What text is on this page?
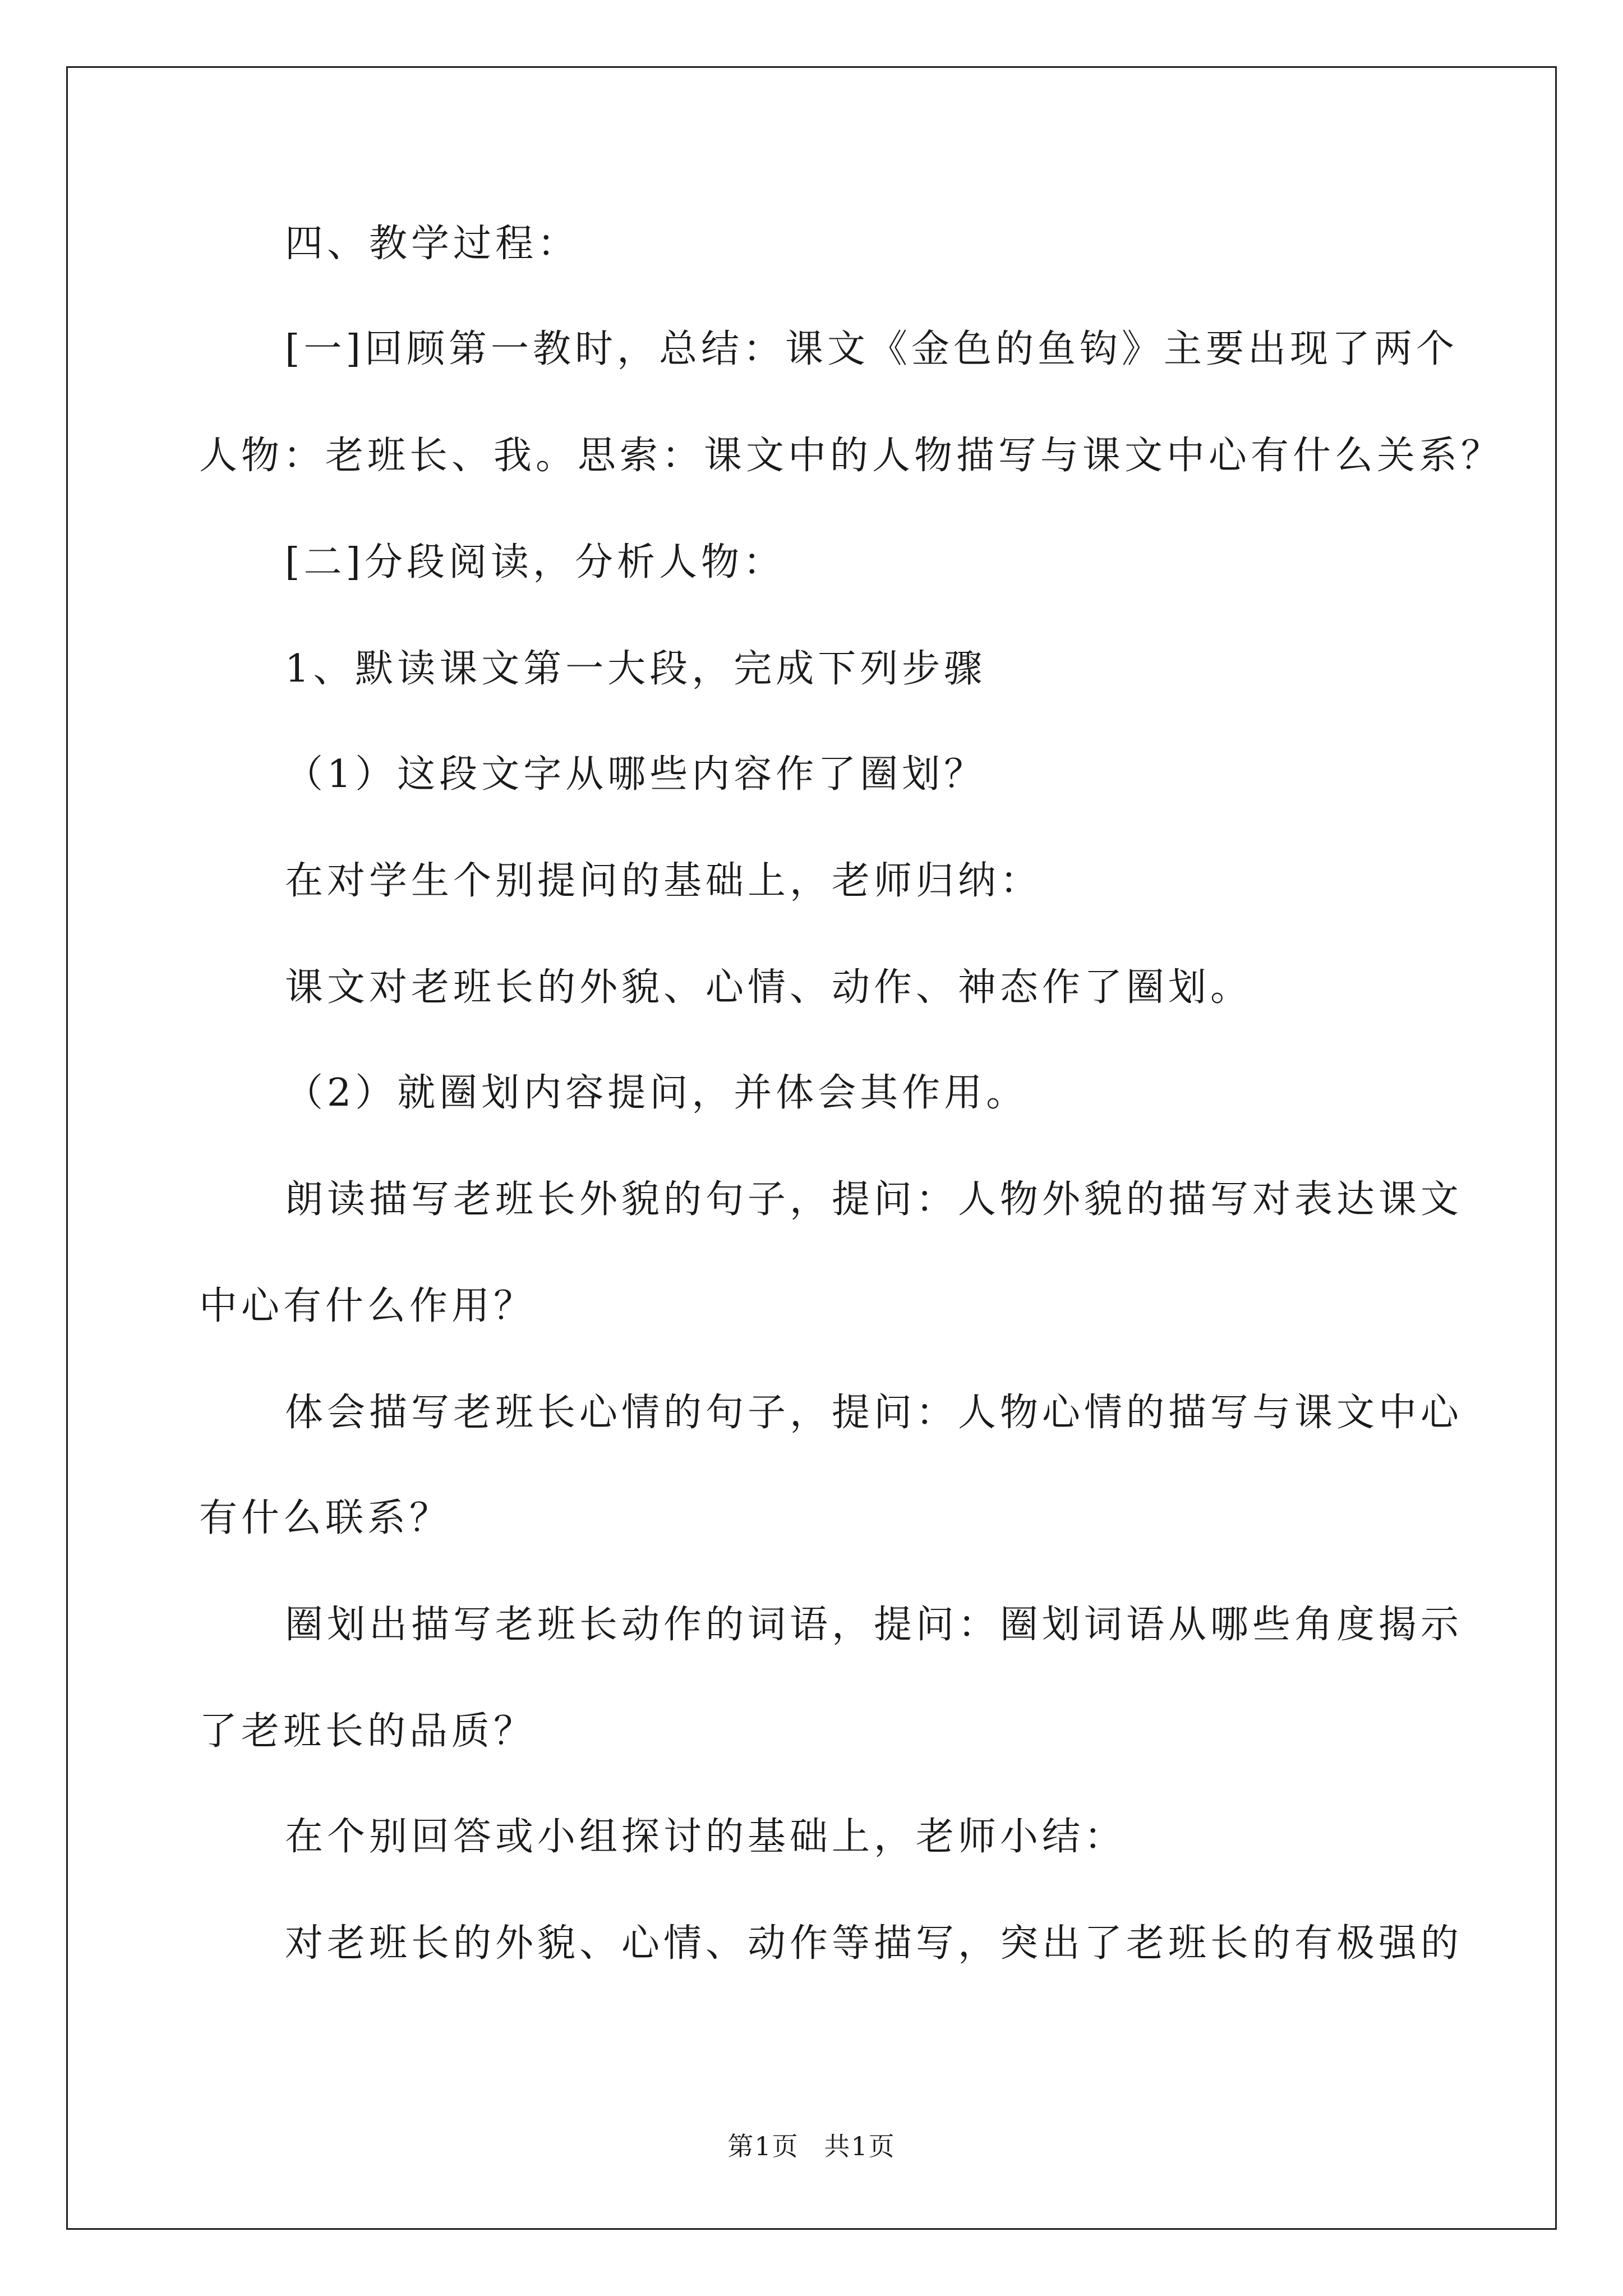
四、教学过程：

[一]回顾第一教时，总结：课文《金色的鱼钩》主要出现了两个

人物：老班长、我。思索：课文中的人物描写与课文中心有什么关系？

[二]分段阅读，分析人物：

1、默读课文第一大段，完成下列步骤

（1）这段文字从哪些内容作了圈划？

在对学生个别提问的基础上，老师归纳：

课文对老班长的外貌、心情、动作、神态作了圈划。

（2）就圈划内容提问，并体会其作用。

朗读描写老班长外貌的句子，提问：人物外貌的描写对表达课文

中心有什么作用？

体会描写老班长心情的句子，提问：人物心情的描写与课文中心

有什么联系？

圈划出描写老班长动作的词语，提问：圈划词语从哪些角度揭示

了老班长的品质？

在个别回答或小组探讨的基础上，老师小结：

对老班长的外貌、心情、动作等描写，突出了老班长的有极强的

第1页 共1页
